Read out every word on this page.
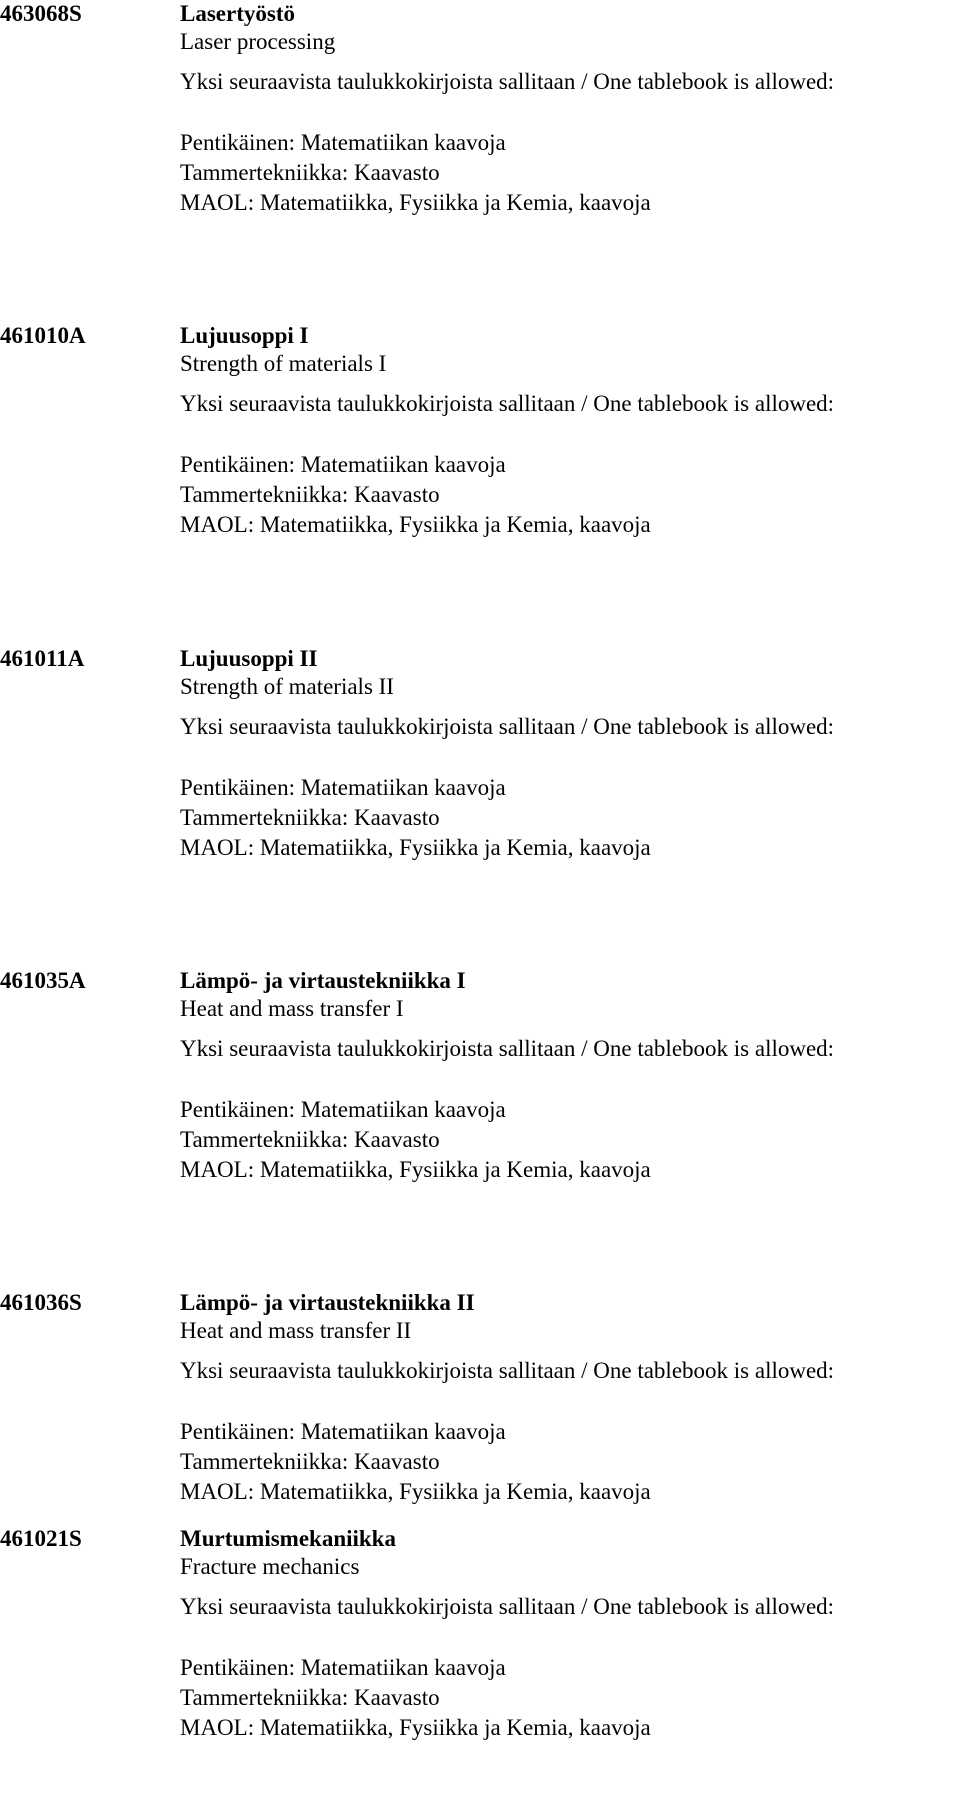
463068S	Lasertyöstö
Laser processing
Yksi seuraavista taulukkokirjoista sallitaan / One tablebook is allowed:
Pentikäinen: Matematiikan kaavoja
Tammertekniikka: Kaavasto
MAOL: Matematiikka, Fysiikka ja Kemia, kaavoja
461010A	Lujuusoppi I
Strength of materials I
Yksi seuraavista taulukkokirjoista sallitaan / One tablebook is allowed:
Pentikäinen: Matematiikan kaavoja
Tammertekniikka: Kaavasto
MAOL: Matematiikka, Fysiikka ja Kemia, kaavoja
461011A	Lujuusoppi II
Strength of materials II
Yksi seuraavista taulukkokirjoista sallitaan / One tablebook is allowed:
Pentikäinen: Matematiikan kaavoja
Tammertekniikka: Kaavasto
MAOL: Matematiikka, Fysiikka ja Kemia, kaavoja
461035A	Lämpö- ja virtaustekniikka I
Heat and mass transfer I
Yksi seuraavista taulukkokirjoista sallitaan / One tablebook is allowed:
Pentikäinen: Matematiikan kaavoja
Tammertekniikka: Kaavasto
MAOL: Matematiikka, Fysiikka ja Kemia, kaavoja
461036S	Lämpö- ja virtaustekniikka II
Heat and mass transfer II
Yksi seuraavista taulukkokirjoista sallitaan / One tablebook is allowed:
Pentikäinen: Matematiikan kaavoja
Tammertekniikka: Kaavasto
MAOL: Matematiikka, Fysiikka ja Kemia, kaavoja
461021S	Murtumismekaniikka
Fracture mechanics
Yksi seuraavista taulukkokirjoista sallitaan / One tablebook is allowed:
Pentikäinen: Matematiikan kaavoja
Tammertekniikka: Kaavasto
MAOL: Matematiikka, Fysiikka ja Kemia, kaavoja
